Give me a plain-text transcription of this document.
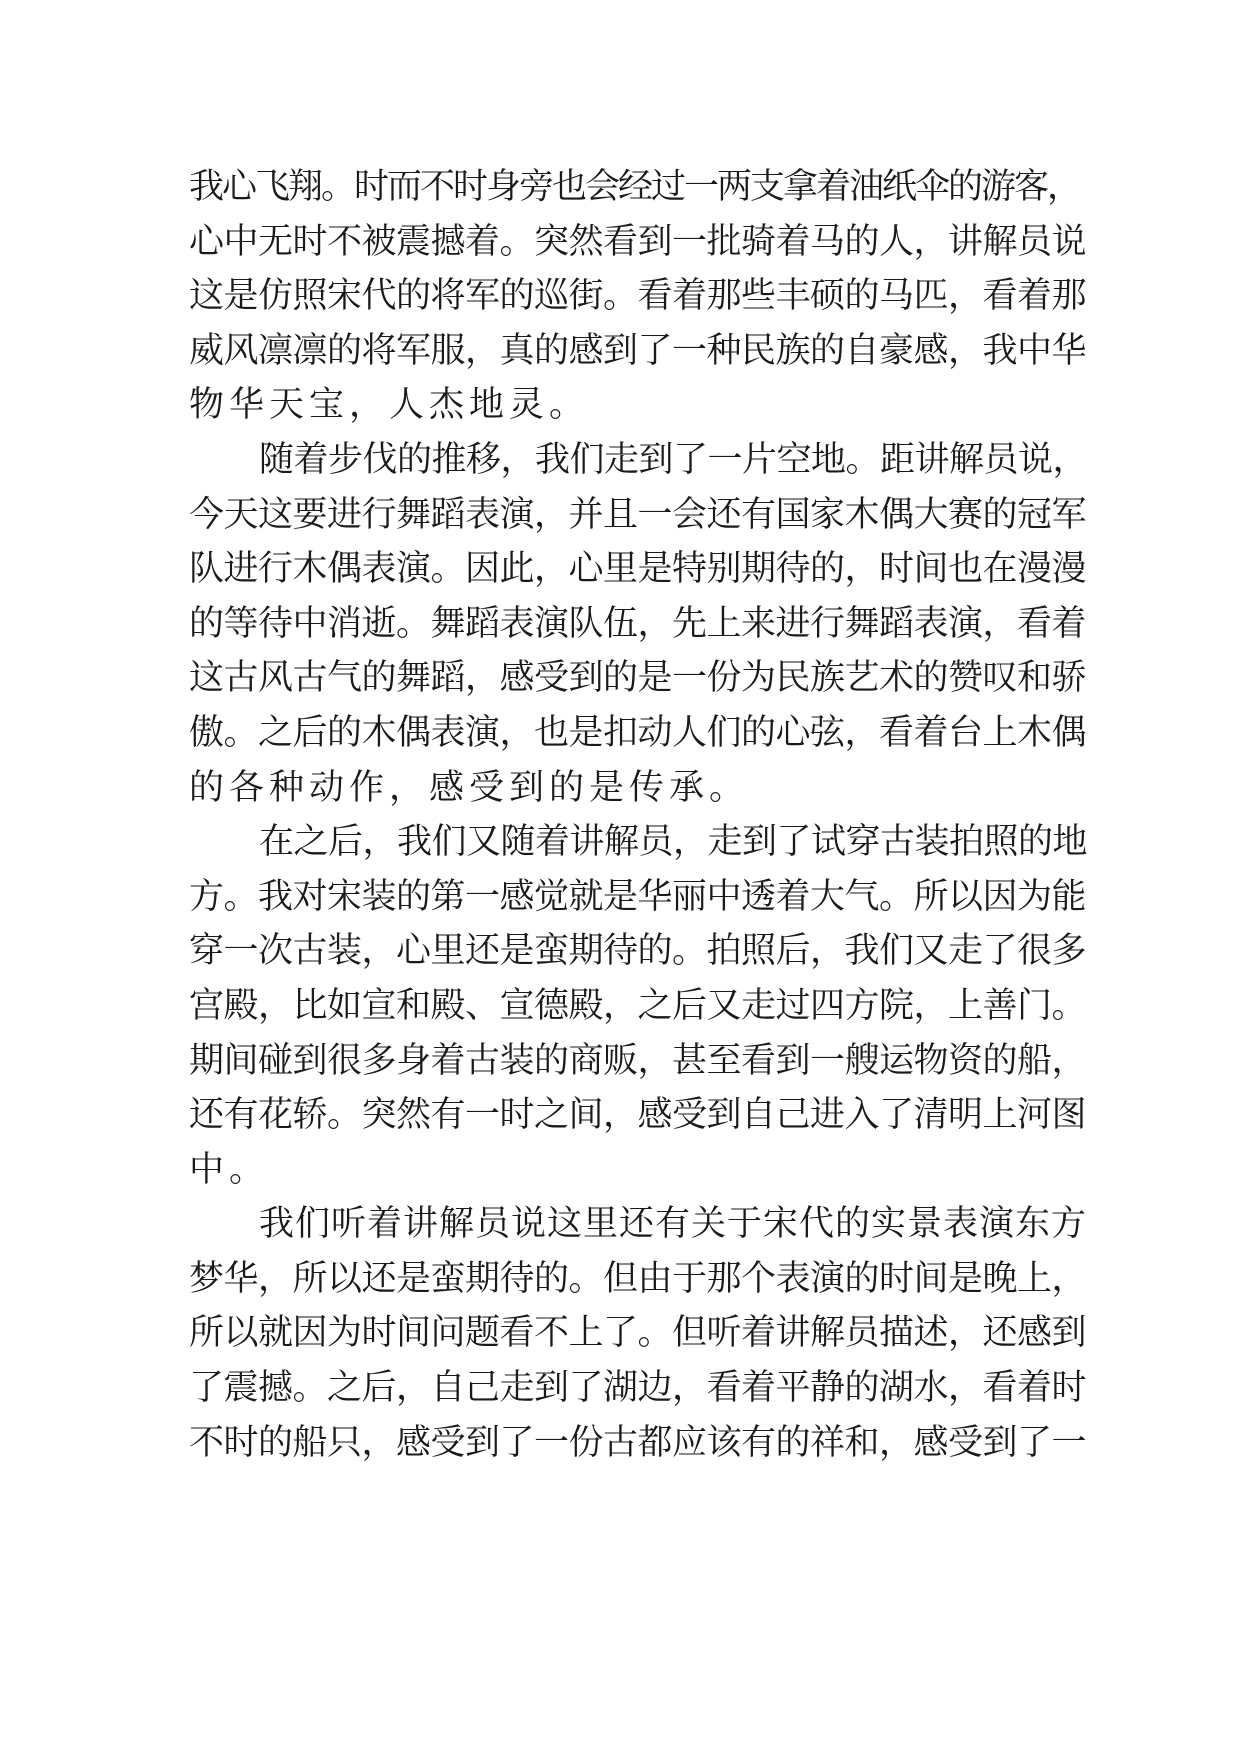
我心飞翔。时而不时身旁也会经过一两支拿着油纸伞的游客，
心中无时不被震撼着。突然看到一批骑着马的人，讲解员说
这是仿照宋代的将军的巡街。看着那些丰硕的马匹，看着那
威风凛凛的将军服，真的感到了一种民族的自豪感，我中华
物华天宝，人杰地灵。
随着步伐的推移，我们走到了一片空地。距讲解员说，
今天这要进行舞蹈表演，并且一会还有国家木偶大赛的冠军
队进行木偶表演。因此，心里是特别期待的，时间也在漫漫
的等待中消逝。舞蹈表演队伍，先上来进行舞蹈表演，看着
这古风古气的舞蹈，感受到的是一份为民族艺术的赞叹和骄
傲。之后的木偶表演，也是扣动人们的心弦，看着台上木偶
的各种动作，感受到的是传承。
在之后，我们又随着讲解员，走到了试穿古装拍照的地
方。我对宋装的第一感觉就是华丽中透着大气。所以因为能
穿一次古装，心里还是蛮期待的。拍照后，我们又走了很多
宫殿，比如宣和殿、宣德殿，之后又走过四方院，上善门。
期间碰到很多身着古装的商贩，甚至看到一艘运物资的船，
还有花轿。突然有一时之间，感受到自己进入了清明上河图
中。
我们听着讲解员说这里还有关于宋代的实景表演东方
梦华，所以还是蛮期待的。但由于那个表演的时间是晚上，
所以就因为时间问题看不上了。但听着讲解员描述，还感到
了震撼。之后，自己走到了湖边，看着平静的湖水，看着时
不时的船只，感受到了一份古都应该有的祥和，感受到了一
